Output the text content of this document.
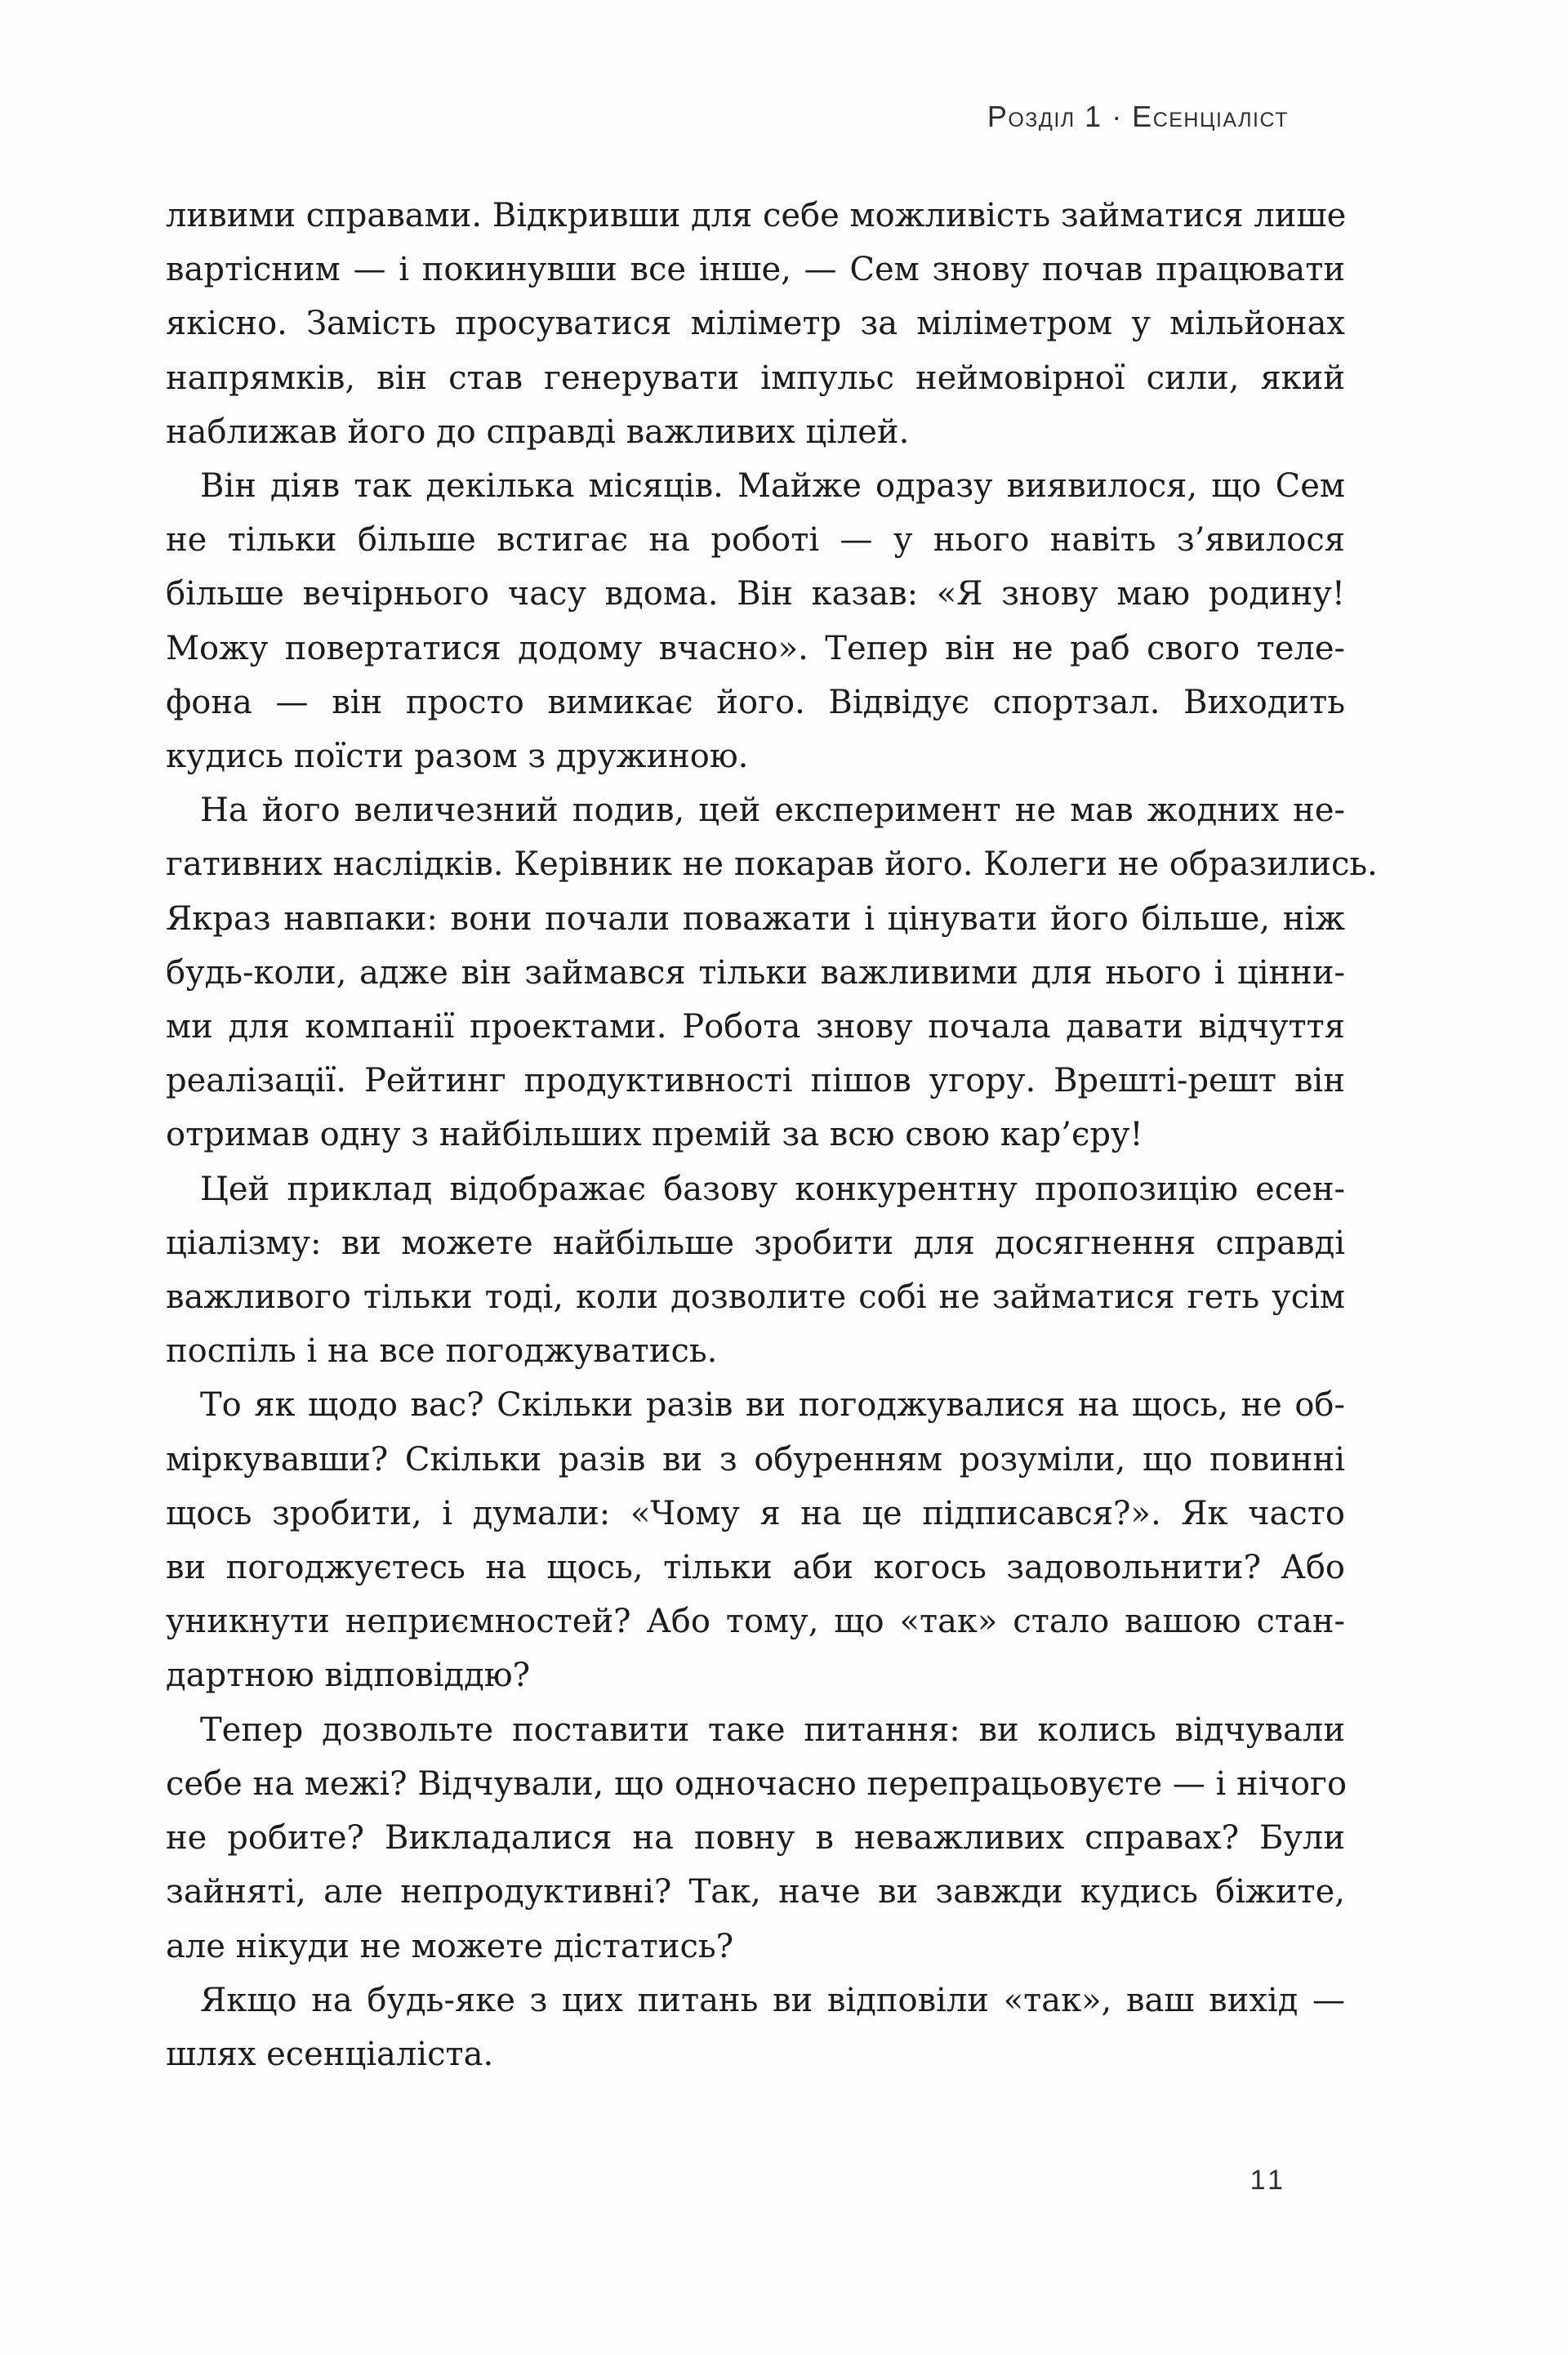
Розділ 1 · Есенціаліст
ливими справами. Відкривши для себе можливість займатися лише
вартісним — і покинувши все інше, — Сем знову почав працювати
якісно. Замість просуватися міліметр за міліметром у мільйонах
напрямків, він став генерувати імпульс неймовірної сили, який
наближав його до справді важливих цілей.
Він діяв так декілька місяців. Майже одразу виявилося, що Сем
не тільки більше встигає на роботі — у нього навіть з’явилося
більше вечірнього часу вдома. Він казав: «Я знову маю родину!
Можу повертатися додому вчасно». Тепер він не раб свого теле-
фона — він просто вимикає його. Відвідує спортзал. Виходить
кудись поїсти разом з дружиною.
На його величезний подив, цей експеримент не мав жодних не-
гативних наслідків. Керівник не покарав його. Колеги не образились.
Якраз навпаки: вони почали поважати і цінувати його більше, ніж
будь-коли, адже він займався тільки важливими для нього і цінни-
ми для компанії проектами. Робота знову почала давати відчуття
реалізації. Рейтинг продуктивності пішов угору. Врешті-решт він
отримав одну з найбільших премій за всю свою кар’єру!
Цей приклад відображає базову конкурентну пропозицію есен-
ціалізму: ви можете найбільше зробити для досягнення справді
важливого тільки тоді, коли дозволите собі не займатися геть усім
поспіль і на все погоджуватись.
То як щодо вас? Скільки разів ви погоджувалися на щось, не об-
міркувавши? Скільки разів ви з обуренням розуміли, що повинні
щось зробити, і думали: «Чому я на це підписався?». Як часто
ви погоджуєтесь на щось, тільки аби когось задовольнити? Або
уникнути неприємностей? Або тому, що «так» стало вашою стан-
дартною відповіддю?
Тепер дозвольте поставити таке питання: ви колись відчували
себе на межі? Відчували, що одночасно перепрацьовуєте — і нічого
не робите? Викладалися на повну в неважливих справах? Були
зайняті, але непродуктивні? Так, наче ви завжди кудись біжите,
але нікуди не можете дістатись?
Якщо на будь-яке з цих питань ви відповіли «так», ваш вихід —
шлях есенціаліста.
11
